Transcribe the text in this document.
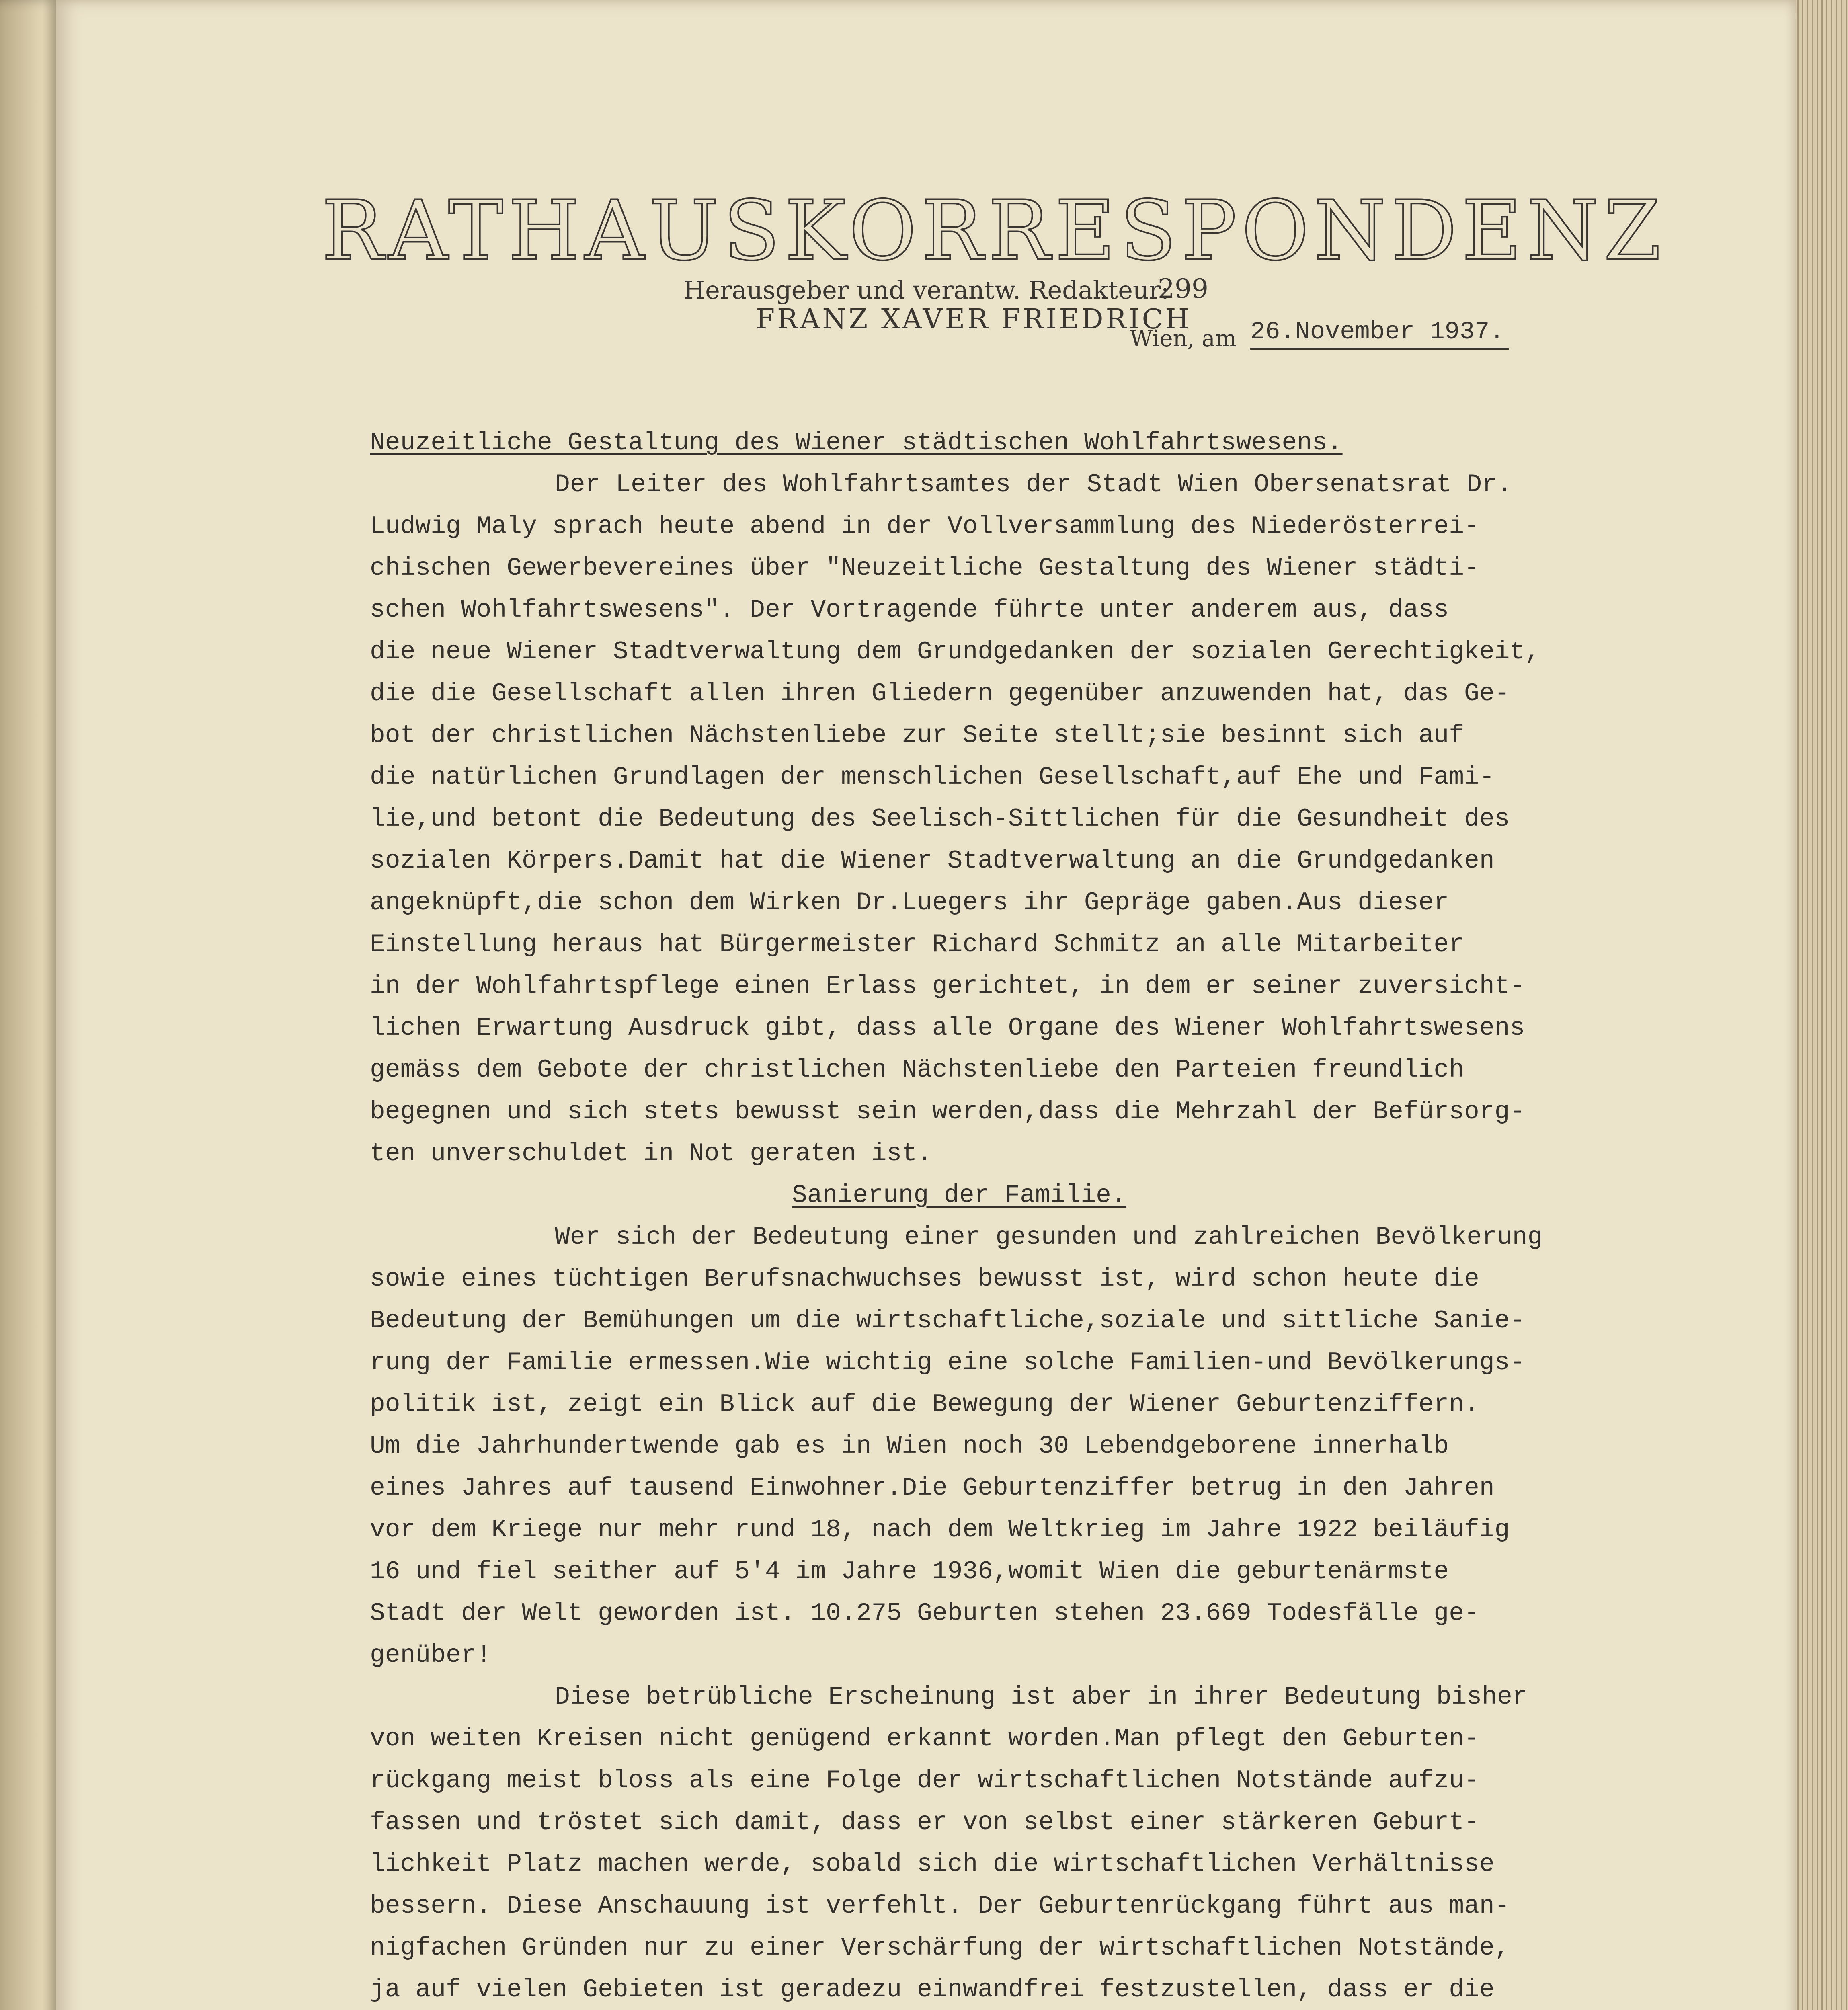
RATHAUSKORRESPONDENZ
Herausgeber und verantw. Redakteur:
299
FRANZ XAVER FRIEDRICH
Wien, am 26.November 1937.
Neuzeitliche Gestaltung des Wiener städtischen Wohlfahrtswesens.
Der Leiter des Wohlfahrtsamtes der Stadt Wien Obersenatsrat Dr.
Ludwig Maly sprach heute abend in der Vollversammlung des Niederösterrei-
chischen Gewerbevereines über "Neuzeitliche Gestaltung des Wiener städti-
schen Wohlfahrtswesens". Der Vortragende führte unter anderem aus, dass
die neue Wiener Stadtverwaltung dem Grundgedanken der sozialen Gerechtigkeit,
die die Gesellschaft allen ihren Gliedern gegenüber anzuwenden hat, das Ge-
bot der christlichen Nächstenliebe zur Seite stellt;sie besinnt sich auf
die natürlichen Grundlagen der menschlichen Gesellschaft,auf Ehe und Fami-
lie,und betont die Bedeutung des Seelisch-Sittlichen für die Gesundheit des
sozialen Körpers.Damit hat die Wiener Stadtverwaltung an die Grundgedanken
angeknüpft,die schon dem Wirken Dr.Luegers ihr Gepräge gaben.Aus dieser
Einstellung heraus hat Bürgermeister Richard Schmitz an alle Mitarbeiter
in der Wohlfahrtspflege einen Erlass gerichtet, in dem er seiner zuversicht-
lichen Erwartung Ausdruck gibt, dass alle Organe des Wiener Wohlfahrtswesens
gemäss dem Gebote der christlichen Nächstenliebe den Parteien freundlich
begegnen und sich stets bewusst sein werden,dass die Mehrzahl der Befürsorg-
ten unverschuldet in Not geraten ist.
Sanierung der Familie.
Wer sich der Bedeutung einer gesunden und zahlreichen Bevölkerung
sowie eines tüchtigen Berufsnachwuchses bewusst ist, wird schon heute die
Bedeutung der Bemühungen um die wirtschaftliche,soziale und sittliche Sanie-
rung der Familie ermessen.Wie wichtig eine solche Familien-und Bevölkerungs-
politik ist, zeigt ein Blick auf die Bewegung der Wiener Geburtenziffern.
Um die Jahrhundertwende gab es in Wien noch 30 Lebendgeborene innerhalb
eines Jahres auf tausend Einwohner.Die Geburtenziffer betrug in den Jahren
vor dem Kriege nur mehr rund 18, nach dem Weltkrieg im Jahre 1922 beiläufig
16 und fiel seither auf 5'4 im Jahre 1936,womit Wien die geburtenärmste
Stadt der Welt geworden ist. 10.275 Geburten stehen 23.669 Todesfälle ge-
genüber!
Diese betrübliche Erscheinung ist aber in ihrer Bedeutung bisher
von weiten Kreisen nicht genügend erkannt worden.Man pflegt den Geburten-
rückgang meist bloss als eine Folge der wirtschaftlichen Notstände aufzu-
fassen und tröstet sich damit, dass er von selbst einer stärkeren Geburt-
lichkeit Platz machen werde, sobald sich die wirtschaftlichen Verhältnisse
bessern. Diese Anschauung ist verfehlt. Der Geburtenrückgang führt aus man-
nigfachen Gründen nur zu einer Verschärfung der wirtschaftlichen Notstände,
ja auf vielen Gebieten ist geradezu einwandfrei festzustellen, dass er die
